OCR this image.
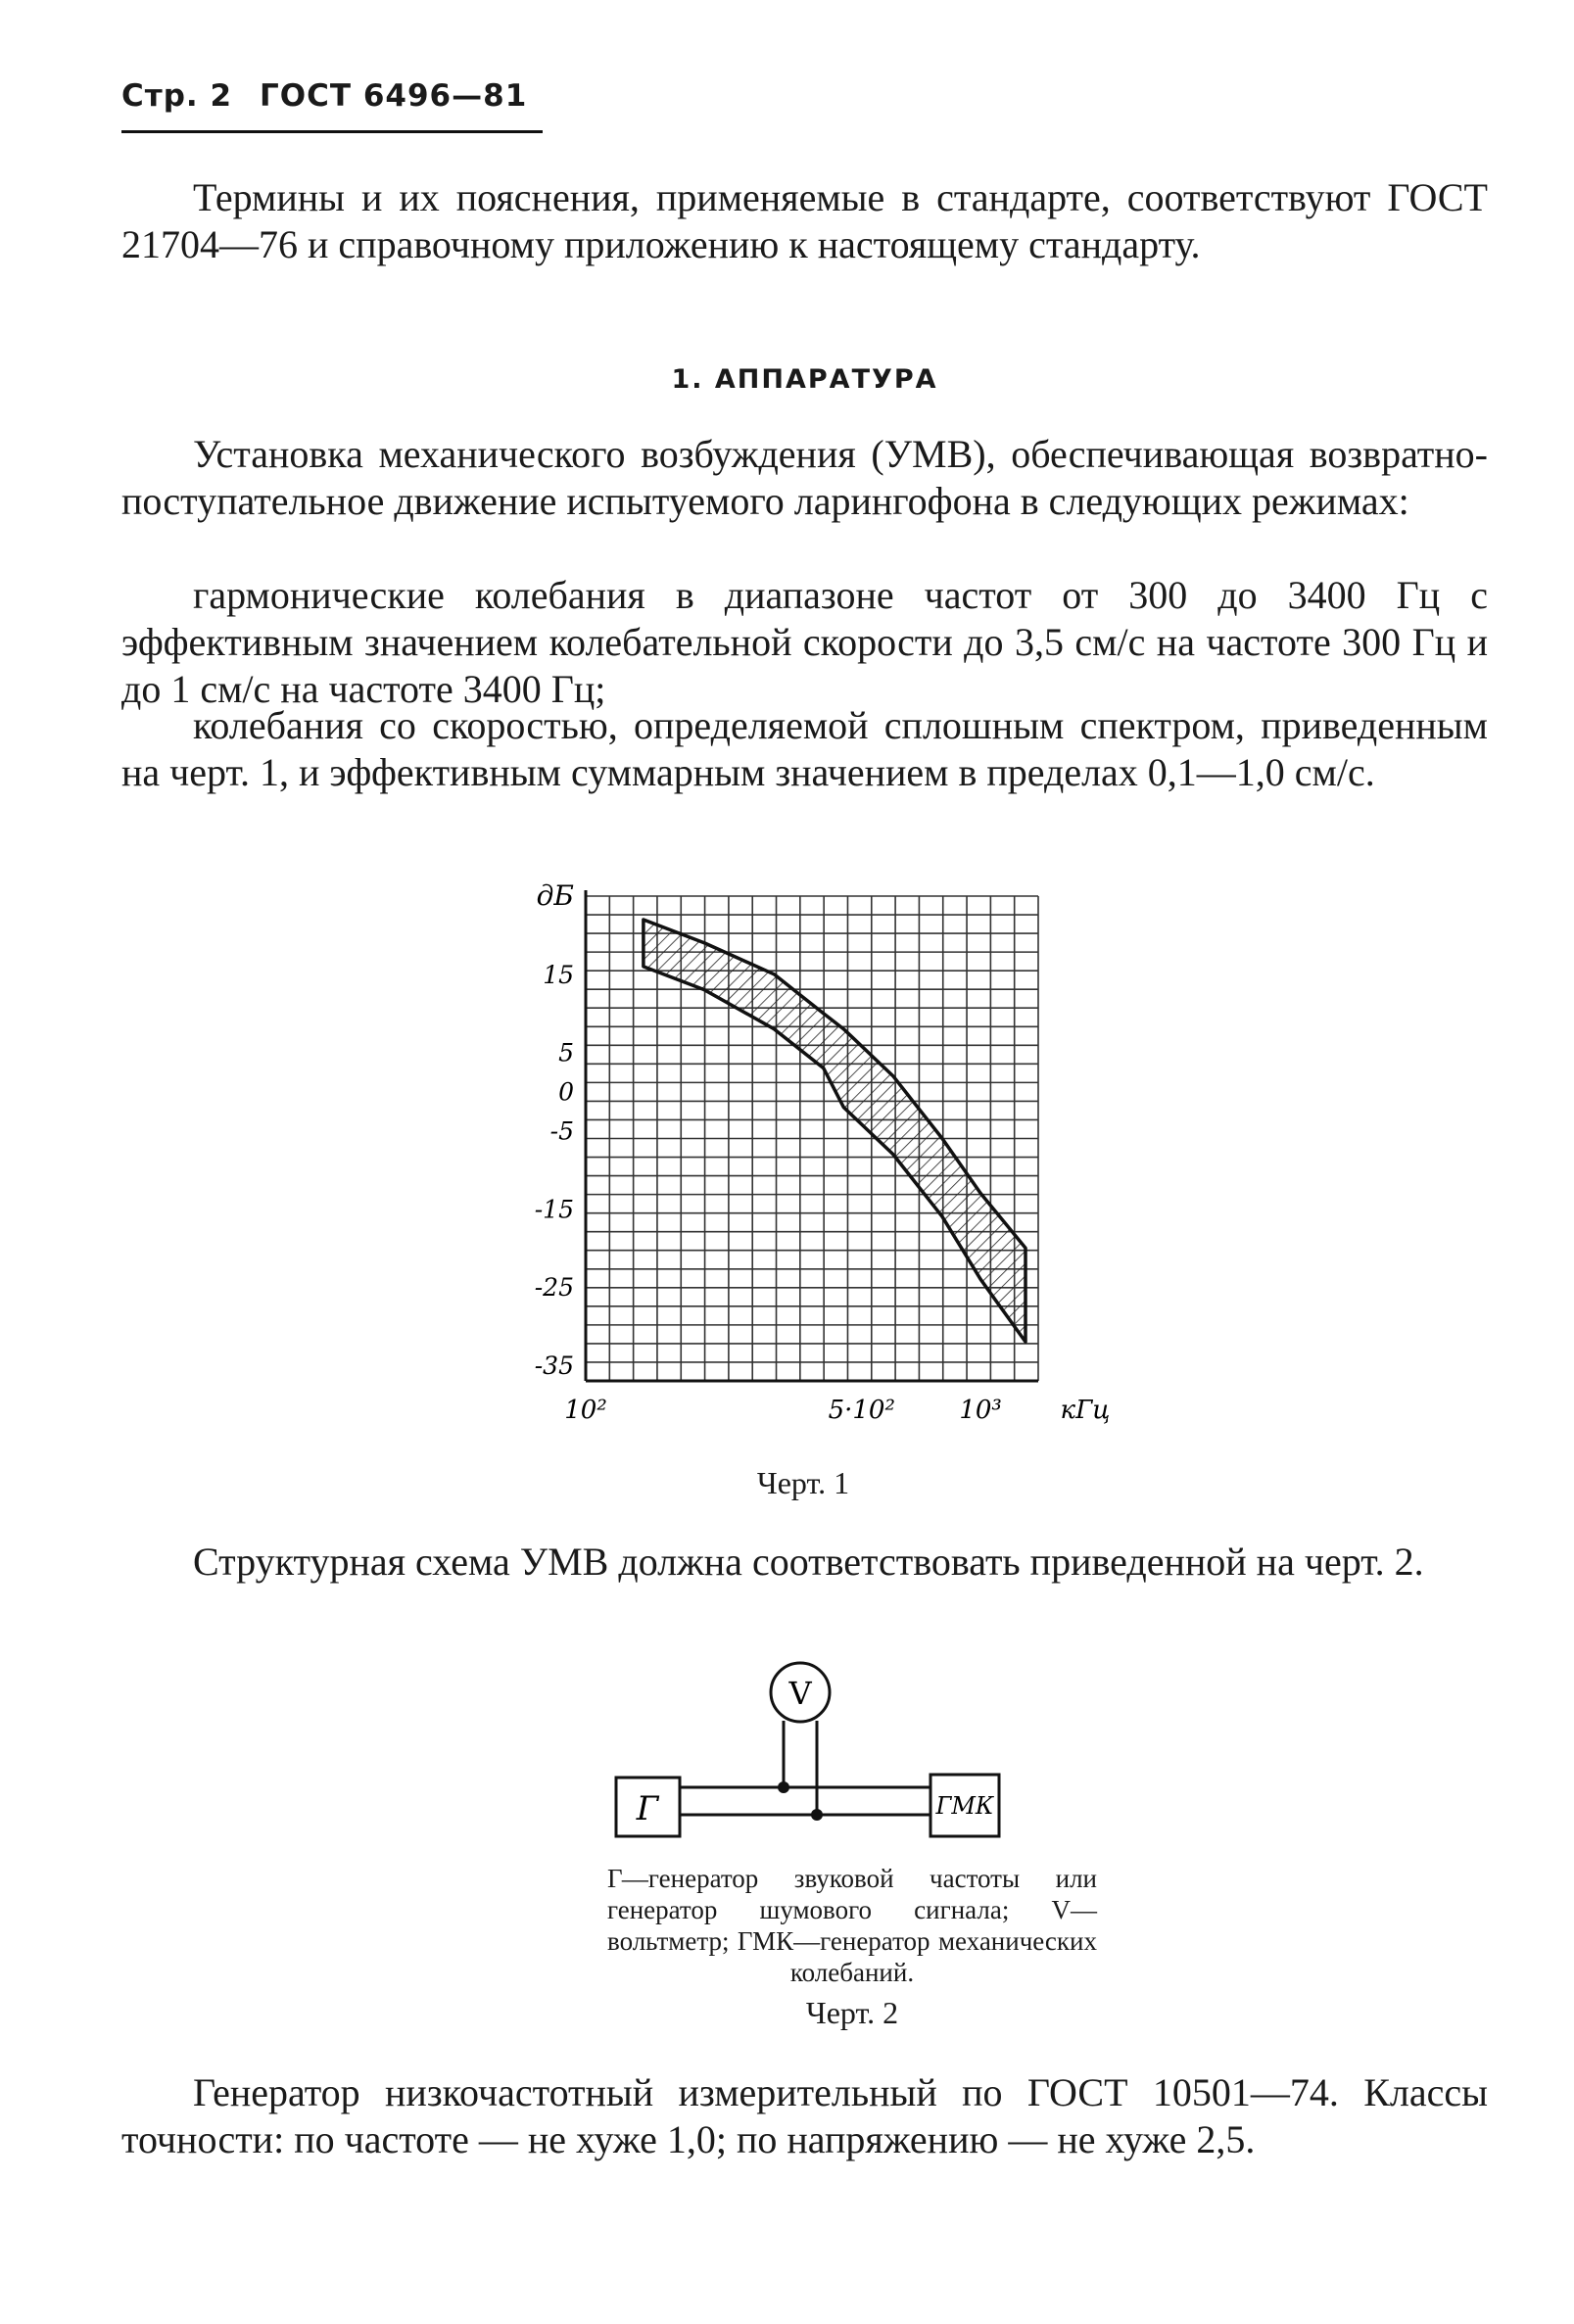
Стр. 2 ГОСТ 6496—81

Термины и их пояснения, применяемые в стандарте, соответствуют ГОСТ 21704—76 и справочному приложению к настоящему стандарту.

1. АППАРАТУРА

Установка механического возбуждения (УМВ), обеспечивающая возвратно-поступательное движение испытуемого ларингофона в следующих режимах:

гармонические колебания в диапазоне частот от 300 до 3400 Гц с эффективным значением колебательной скорости до 3,5 см/с на частоте 300 Гц и до 1 см/с на частоте 3400 Гц;

колебания со скоростью, определяемой сплошным спектром, приведенным на черт. 1, и эффективным суммарным значением в пределах 0,1—1,0 см/с.

15
5
0
-5
-15
-25
-35
10²	5·10²	10³
дБ
кГц
Черт. 1

Структурная схема УМВ должна соответствовать приведенной на черт. 2.

Г
V
ГМК

Г—генератор звуковой частоты или генератор шумового сигнала; V—вольтметр; ГМК—генератор механических колебаний.

Черт. 2

Генератор низкочастотный измерительный по ГОСТ 10501—74. Классы точности: по частоте — не хуже 1,0; по напряжению — не хуже 2,5.
